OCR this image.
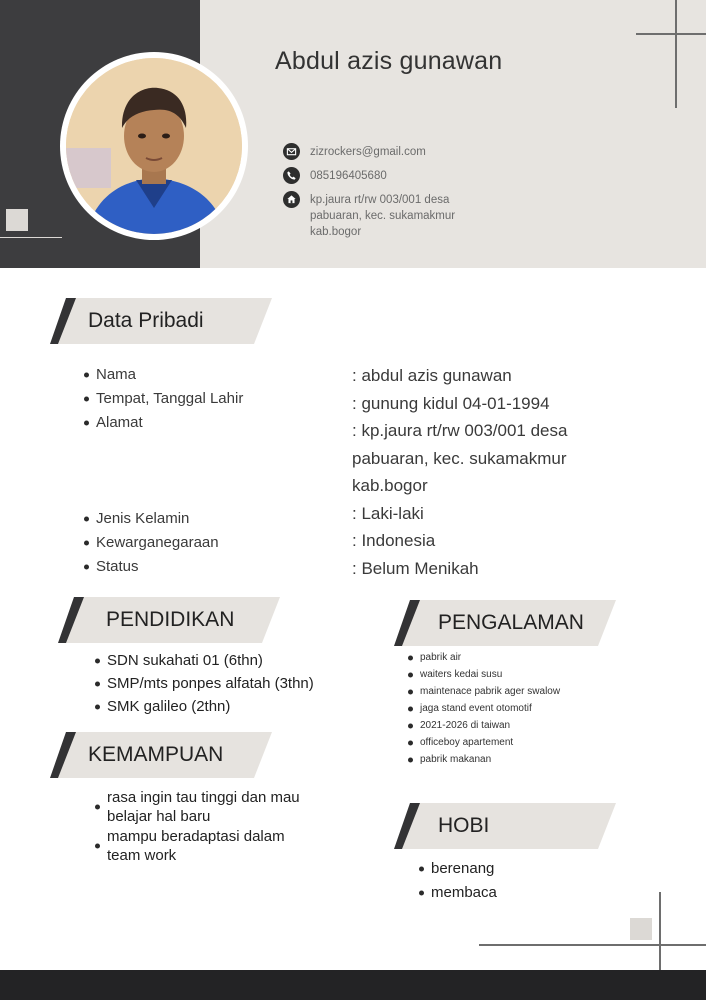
Abdul azis gunawan
zizrockers@gmail.com
085196405680
kp.jaura rt/rw 003/001 desa
pabuaran, kec. sukamakmur
kab.bogor
Data Pribadi
Nama
Tempat, Tanggal Lahir
Alamat
Jenis Kelamin
Kewarganegaraan
Status
: abdul azis gunawan
: gunung kidul 04-01-1994
: kp.jaura rt/rw 003/001 desa
pabuaran, kec. sukamakmur
kab.bogor
: Laki-laki
: Indonesia
: Belum Menikah
PENDIDIKAN
SDN sukahati 01 (6thn)
SMP/mts ponpes alfatah (3thn)
SMK galileo (2thn)
KEMAMPUAN
rasa ingin tau tinggi dan mau
belajar hal baru
mampu beradaptasi dalam
team work
PENGALAMAN
pabrik air
waiters kedai susu
maintenace pabrik ager swalow
jaga stand event otomotif
2021-2026 di taiwan
officeboy apartement
pabrik makanan
HOBI
berenang
membaca
